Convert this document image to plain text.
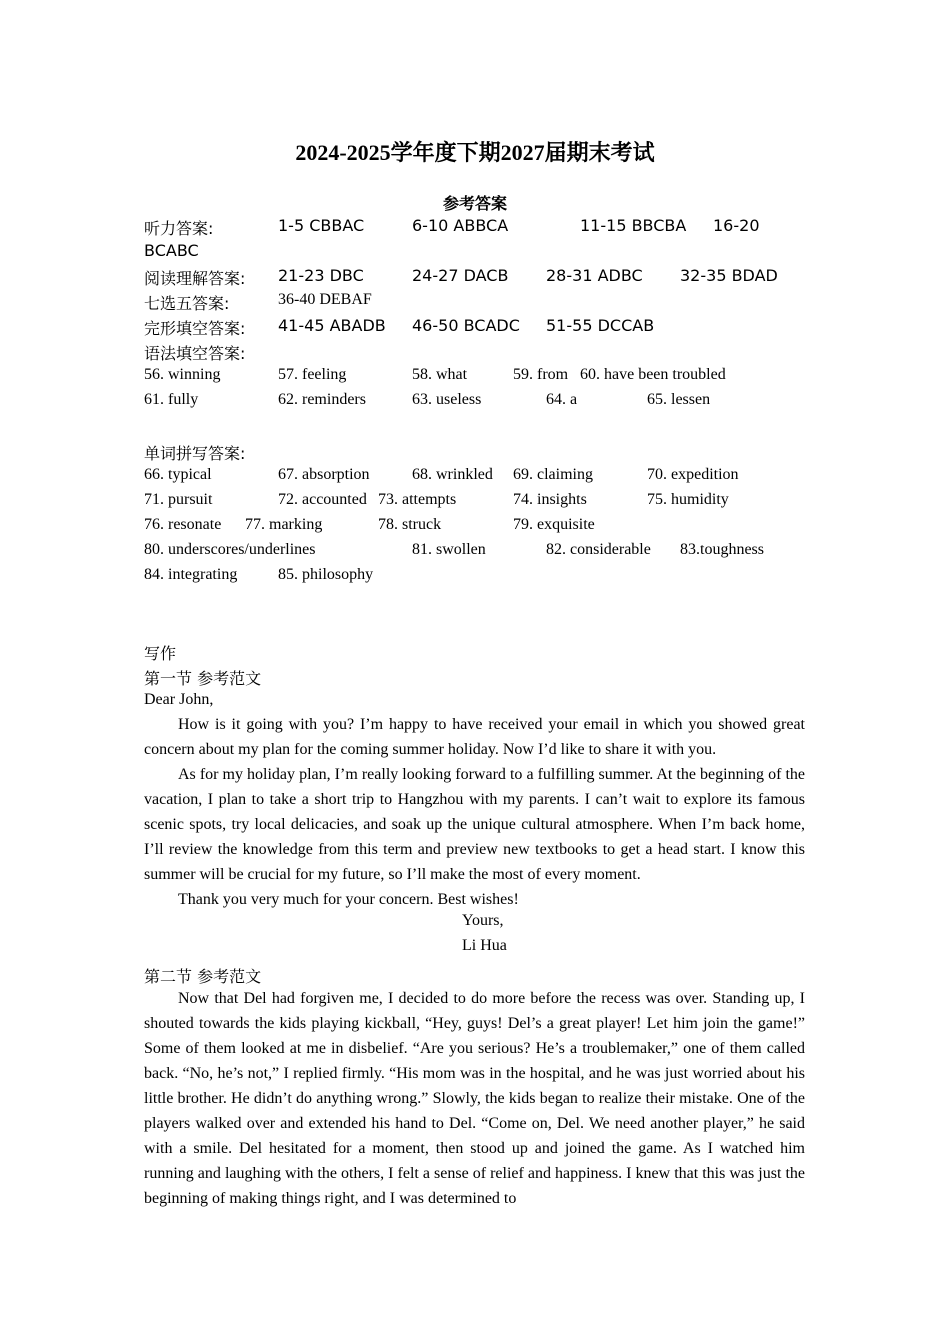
2024-2025学年度下期2027届期末考试
参考答案
听力答案:	1-5 CBBAC	6-10 ABBCA	11-15 BBCBA 16-20
BCABC
阅读理解答案: 21-23 DBC	24-27 DACB 28-31 ADBC 32-35 BDAD
七选五答案:	36-40 DEBAF
完形填空答案: 41-45 ABADB 46-50 BCADC 51-55 DCCAB
语法填空答案:
56. winning	57. feeling	58. what	59. from 60. have been troubled
61. fully	62. reminders	63. useless	64. a	65. lessen
单词拼写答案:
66. typical	67. absorption	68. wrinkled 69. claiming	70. expedition
71. pursuit	72. accounted 73. attempts	74. insights	75. humidity
76. resonate 77. marking	78. struck	79. exquisite
80. underscores/underlines	81. swollen	82. considerable 83.toughness
84. integrating	85. philosophy
写作
第一节 参考范文
Dear John,

How is it going with you? I’m happy to have received your email in which you showed great concern about my plan for the coming summer holiday. Now I’d like to share it with you.

As for my holiday plan, I’m really looking forward to a fulfilling summer. At the beginning of the vacation, I plan to take a short trip to Hangzhou with my parents. I can’t wait to explore its famous scenic spots, try local delicacies, and soak up the unique cultural atmosphere. When I’m back home, I’ll review the knowledge from this term and preview new textbooks to get a head start. I know this summer will be crucial for my future, so I’ll make the most of every moment.

Thank you very much for your concern. Best wishes!

Yours,
Li Hua
第二节 参考范文

Now that Del had forgiven me, I decided to do more before the recess was over. Standing up, I shouted towards the kids playing kickball, “Hey, guys! Del’s a great player! Let him join the game!” Some of them looked at me in disbelief. “Are you serious? He’s a troublemaker,” one of them called back. “No, he’s not,” I replied firmly. “His mom was in the hospital, and he was just worried about his little brother. He didn’t do anything wrong.” Slowly, the kids began to realize their mistake. One of the players walked over and extended his hand to Del. “Come on, Del. We need another player,” he said with a smile. Del hesitated for a moment, then stood up and joined the game. As I watched him running and laughing with the others, I felt a sense of relief and happiness. I knew that this was just the beginning of making things right, and I was determined to
